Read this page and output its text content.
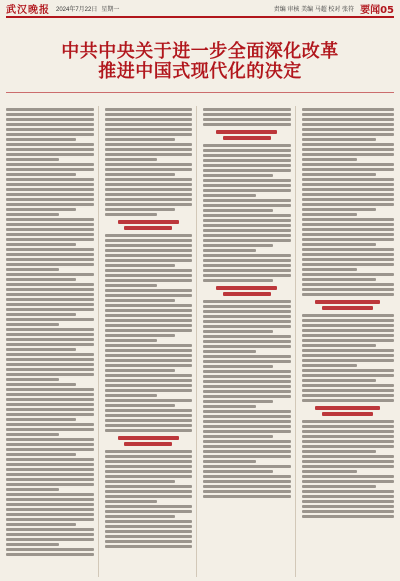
武汉晚报 2024年7月22日 星期一	责编 审核 美编 马超 校对 张符 要闻05
中共中央关于进一步全面深化改革
推进中国式现代化的决定
